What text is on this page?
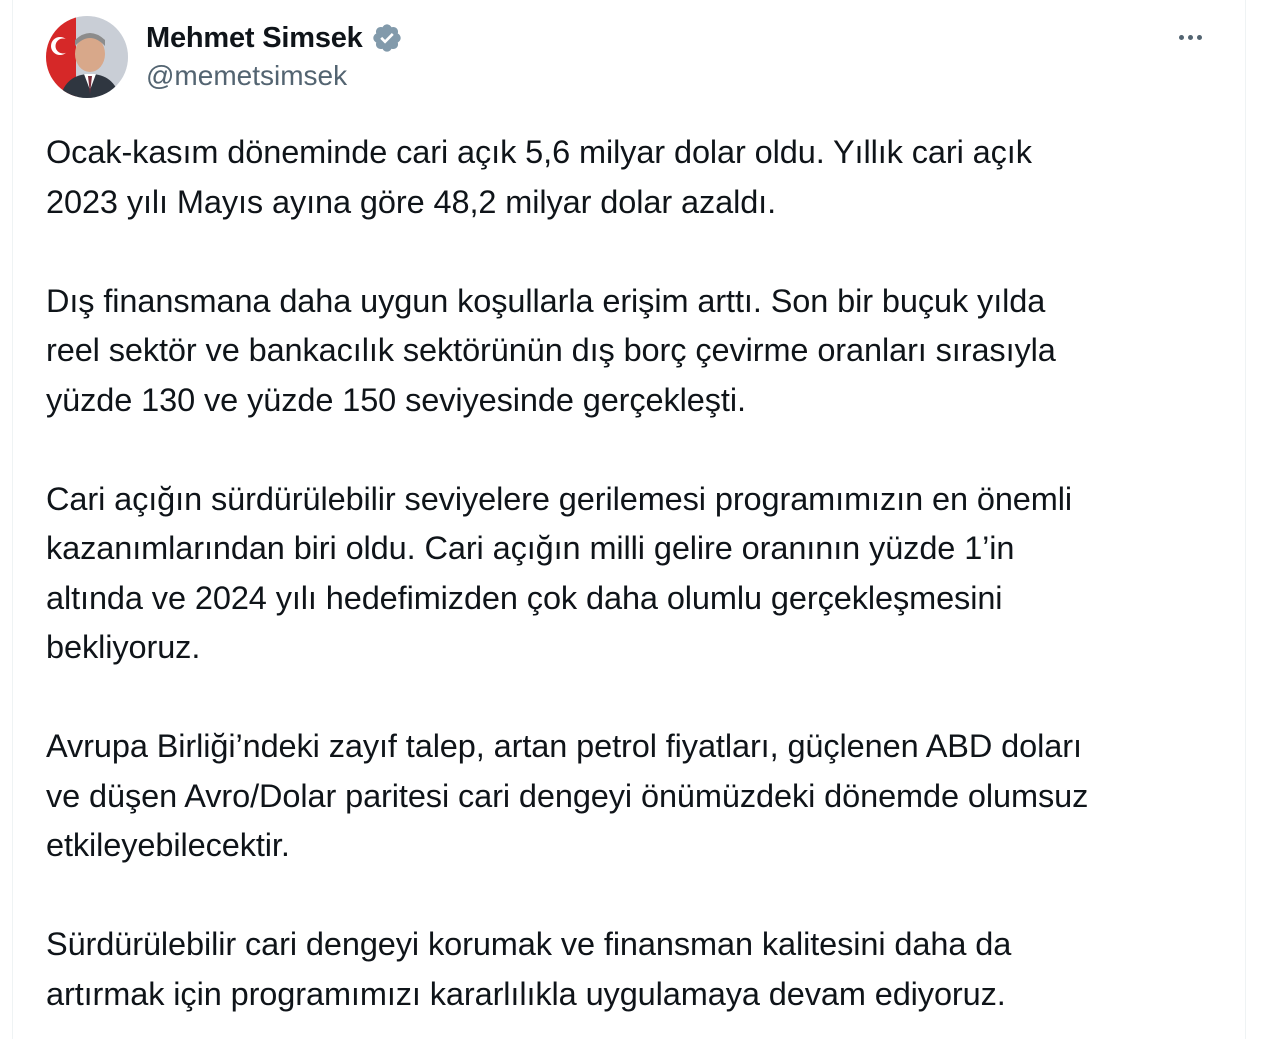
Mehmet Simsek
@memetsimsek

Ocak-kasım döneminde cari açık 5,6 milyar dolar oldu. Yıllık cari açık
2023 yılı Mayıs ayına göre 48,2 milyar dolar azaldı.

Dış finansmana daha uygun koşullarla erişim arttı. Son bir buçuk yılda
reel sektör ve bankacılık sektörünün dış borç çevirme oranları sırasıyla
yüzde 130 ve yüzde 150 seviyesinde gerçekleşti.

Cari açığın sürdürülebilir seviyelere gerilemesi programımızın en önemli
kazanımlarından biri oldu. Cari açığın milli gelire oranının yüzde 1’in
altında ve 2024 yılı hedefimizden çok daha olumlu gerçekleşmesini
bekliyoruz.

Avrupa Birliği’ndeki zayıf talep, artan petrol fiyatları, güçlenen ABD doları
ve düşen Avro/Dolar paritesi cari dengeyi önümüzdeki dönemde olumsuz
etkileyebilecektir.

Sürdürülebilir cari dengeyi korumak ve finansman kalitesini daha da
artırmak için programımızı kararlılıkla uygulamaya devam ediyoruz.
